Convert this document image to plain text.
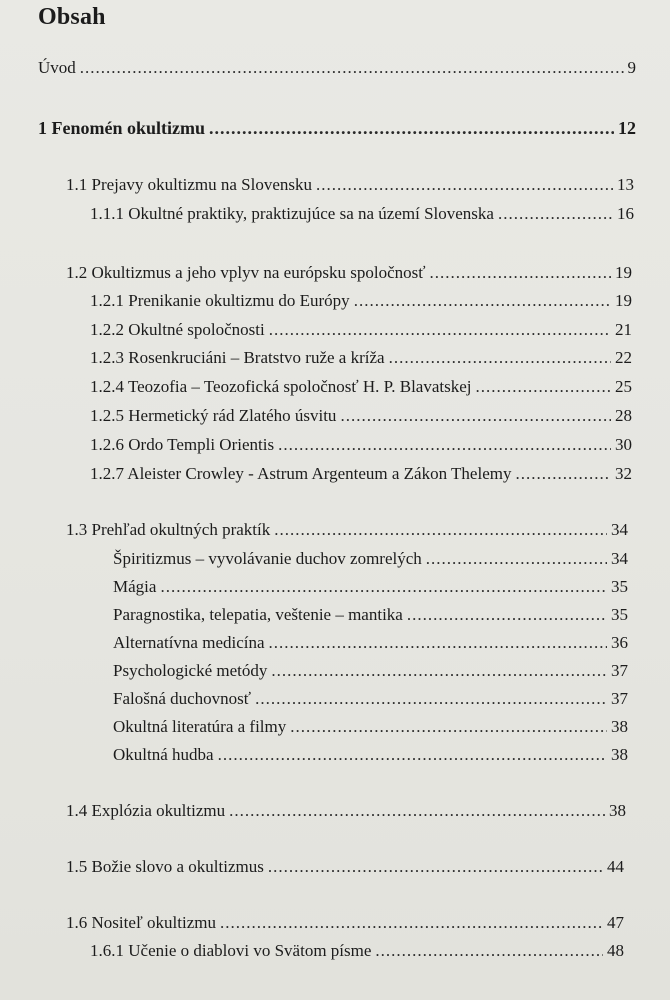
Obsah
Úvod .....	9
1 Fenomén okultizmu .....	12
1.1 Prejavy okultizmu na Slovensku .....	13
1.1.1 Okultné praktiky, praktizujúce sa na území Slovenska .....	16
1.2 Okultizmus a jeho vplyv na európsku spoločnosť .....	19
1.2.1 Prenikanie okultizmu do Európy .....	19
1.2.2 Okultné spoločnosti .....	21
1.2.3 Rosenkruciáni – Bratstvo ruže a kríža .....	22
1.2.4 Teozofia – Teozofická spoločnosť H. P. Blavatskej .....	25
1.2.5 Hermetický rád Zlatého úsvitu .....	28
1.2.6 Ordo Templi Orientis .....	30
1.2.7 Aleister Crowley - Astrum Argenteum a Zákon Thelemy .....	32
1.3 Prehľad okultných praktík .....	34
Špiritizmus – vyvolávanie duchov zomrelých .....	34
Mágia .....	35
Paragnostika, telepatia, veštenie – mantika .....	35
Alternatívna medicína .....	36
Psychologické metódy .....	37
Falošná duchovnosť .....	37
Okultná literatúra a filmy .....	38
Okultná hudba .....	38
1.4 Explózia okultizmu .....	38
1.5 Božie slovo a okultizmus .....	44
1.6 Nositeľ okultizmu .....	47
1.6.1 Učenie o diablovi vo Svätom písme .....	48
